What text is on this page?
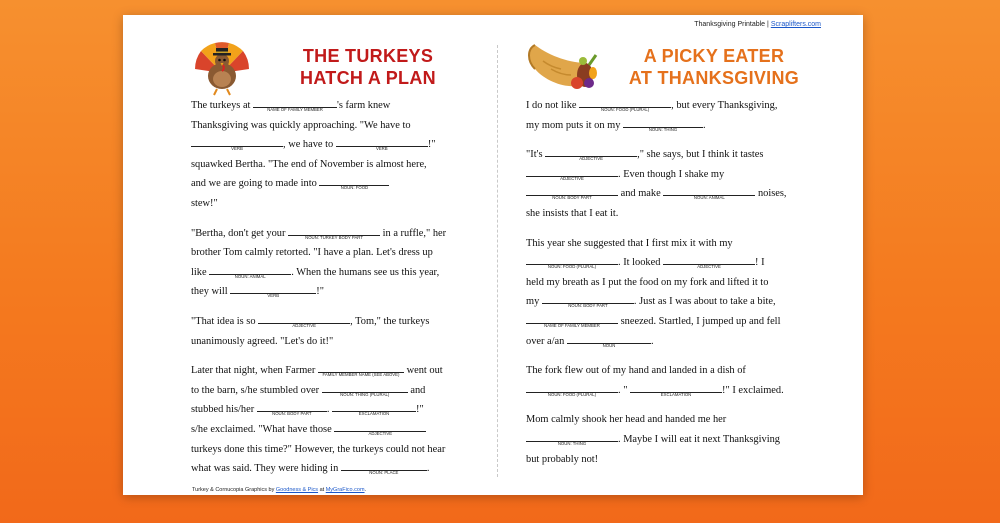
Thanksgiving Printable | Scraplifters.com
THE TURKEYS
HATCH A PLAN

The turkeys at	NAME OF FAMILY MEMBER	's farm knew
Thanksgiving was quickly approaching. "We have to

VERB	, we have to	VERB	!"
squawked Bertha. "The end of November is almost here,
and we are going to made into	NOUN: FOOD

stew!"

"Bertha, don't get your	NOUN: TURKEY BODY PART	in a ruffle," her
brother Tom calmly retorted. "I have a plan. Let's dress up
like	NOUN: ANIMAL	. When the humans see us this year,
they will	VERB	!"

"That idea is so	ADJECTIVE	, Tom," the turkeys
unanimously agreed. "Let's do it!"

Later that night, when Farmer	FAMILY MEMBER NAME (SEE ABOVE) went out
to the barn, s/he stumbled over	NOUN: THING (PLURAL)	and
stubbed his/her	NOUN: BODY PART	.	EXCLAMATION	!"
s/he exclaimed. "What have those	ADJECTIVE

turkeys done this time?" However, the turkeys could not hear
what was said. They were hiding in	NOUN: PLACE	.

A PICKY EATER
AT THANKSGIVING

I do not like	NOUN: FOOD (PLURAL)	, but every Thanksgiving,
my mom puts it on my	NOUN: THING	.

"It's	ADJECTIVE	," she says, but I think it tastes

ADJECTIVE	. Even though I shake my

NOUN: BODY PART	and make	NOUN: ANIMAL	noises,
she insists that I eat it.

This year she suggested that I first mix it with my

NOUN: FOOD (PLURAL)	. It looked	ADJECTIVE	! I
held my breath as I put the food on my fork and lifted it to
my	NOUN: BODY PART	. Just as I was about to take a bite,

NAME OF FAMILY MEMBER	sneezed. Startled, I jumped up and fell
over a/an	NOUN	.

The fork flew out of my hand and landed in a dish of

NOUN: FOOD (PLURAL)	. "	EXCLAMATION	!" I exclaimed.

Mom calmly shook her head and handed me her

NOUN: THING	. Maybe I will eat it next Thanksgiving
but probably not!

Turkey & Cornucopia Graphics by Goodness & Pics at MyGraFico.com.
